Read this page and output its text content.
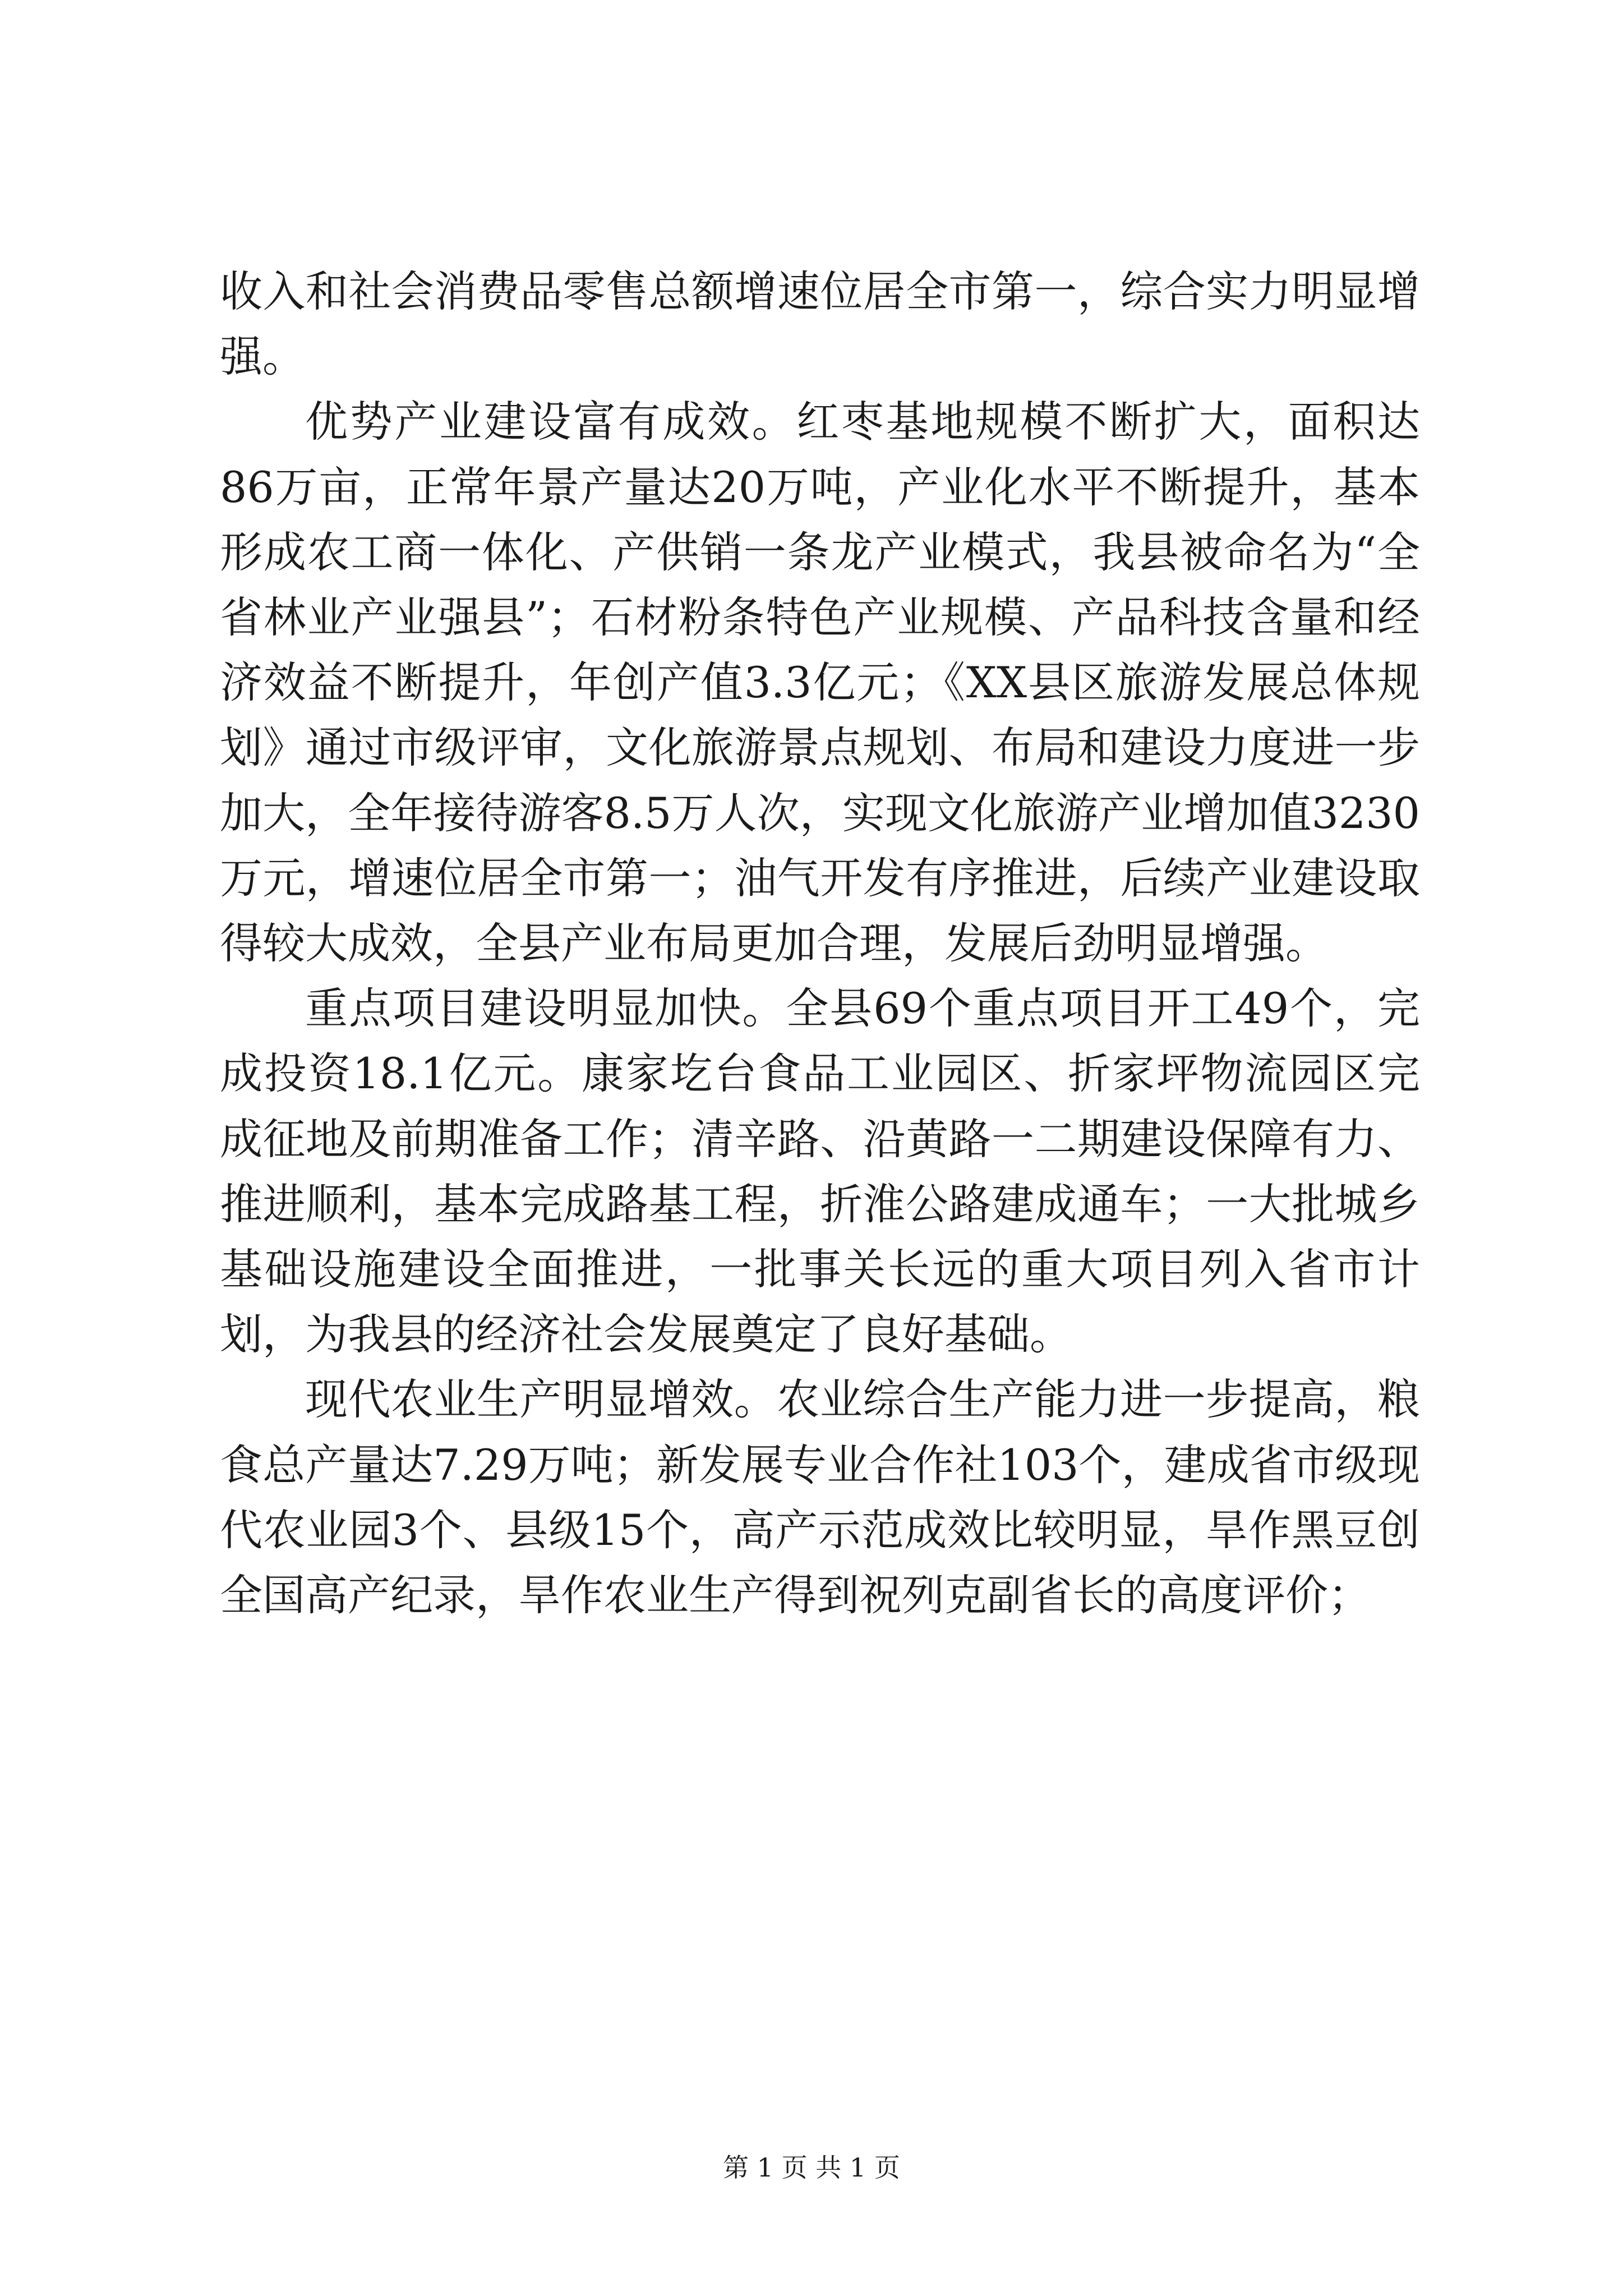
收入和社会消费品零售总额增速位居全市第一，综合实力明显增强。

优势产业建设富有成效。红枣基地规模不断扩大，面积达86万亩，正常年景产量达20万吨，产业化水平不断提升，基本形成农工商一体化、产供销一条龙产业模式，我县被命名为“全省林业产业强县”；石材粉条特色产业规模、产品科技含量和经济效益不断提升，年创产值3.3亿元；《XX县区旅游发展总体规划》通过市级评审，文化旅游景点规划、布局和建设力度进一步加大，全年接待游客8.5万人次，实现文化旅游产业增加值3230万元，增速位居全市第一；油气开发有序推进，后续产业建设取得较大成效，全县产业布局更加合理，发展后劲明显增强。

重点项目建设明显加快。全县69个重点项目开工49个，完成投资18.1亿元。康家圪台食品工业园区、折家坪物流园区完成征地及前期准备工作；清辛路、沿黄路一二期建设保障有力、推进顺利，基本完成路基工程，折淮公路建成通车；一大批城乡基础设施建设全面推进，一批事关长远的重大项目列入省市计划，为我县的经济社会发展奠定了良好基础。

现代农业生产明显增效。农业综合生产能力进一步提高，粮食总产量达7.29万吨；新发展专业合作社103个，建成省市级现代农业园3个、县级15个，高产示范成效比较明显，旱作黑豆创全国高产纪录，旱作农业生产得到祝列克副省长的高度评价；

第 1 页 共 1 页
